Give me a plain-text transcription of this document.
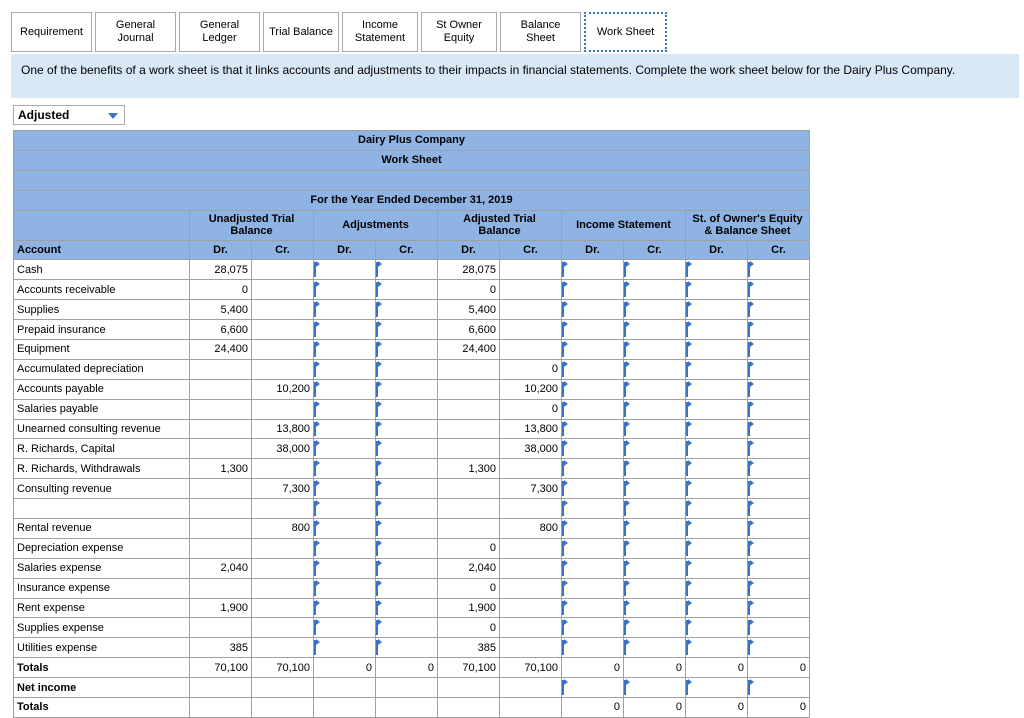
Requirement
General
Journal
General
Ledger
Trial Balance
Income
Statement
St Owner
Equity
Balance Sheet
Work Sheet
One of the benefits of a work sheet is that it links accounts and adjustments to their impacts in financial statements. Complete the work sheet below for the Dairy Plus Company.
Adjusted
Dairy Plus Company										
Work Sheet										

For the Year Ended December 31, 2019										
	Unadjusted Trial Balance		Adjustments		Adjusted Trial Balance		Income Statement		St. of Owner's Equity & Balance Sheet	
Account	Dr.	Cr.	Dr.	Cr.	Dr.	Cr.	Dr.	Cr.	Dr.	Cr.
Cash	28,075				28,075					
Accounts receivable	0				0					
Supplies	5,400				5,400					
Prepaid insurance	6,600				6,600					
Equipment	24,400				24,400					
Accumulated depreciation						0				
Accounts payable		10,200				10,200				
Salaries payable						0				
Unearned consulting revenue		13,800				13,800				
R. Richards, Capital		38,000				38,000				
R. Richards, Withdrawals	1,300				1,300					
Consulting revenue		7,300				7,300				

Rental revenue		800				800				
Depreciation expense					0					
Salaries expense	2,040				2,040					
Insurance expense					0					
Rent expense	1,900				1,900					
Supplies expense					0					
Utilities expense	385				385					
Totals	70,100	70,100	0	0	70,100	70,100	0	0	0	0
Net income										
Totals							0	0	0	0
